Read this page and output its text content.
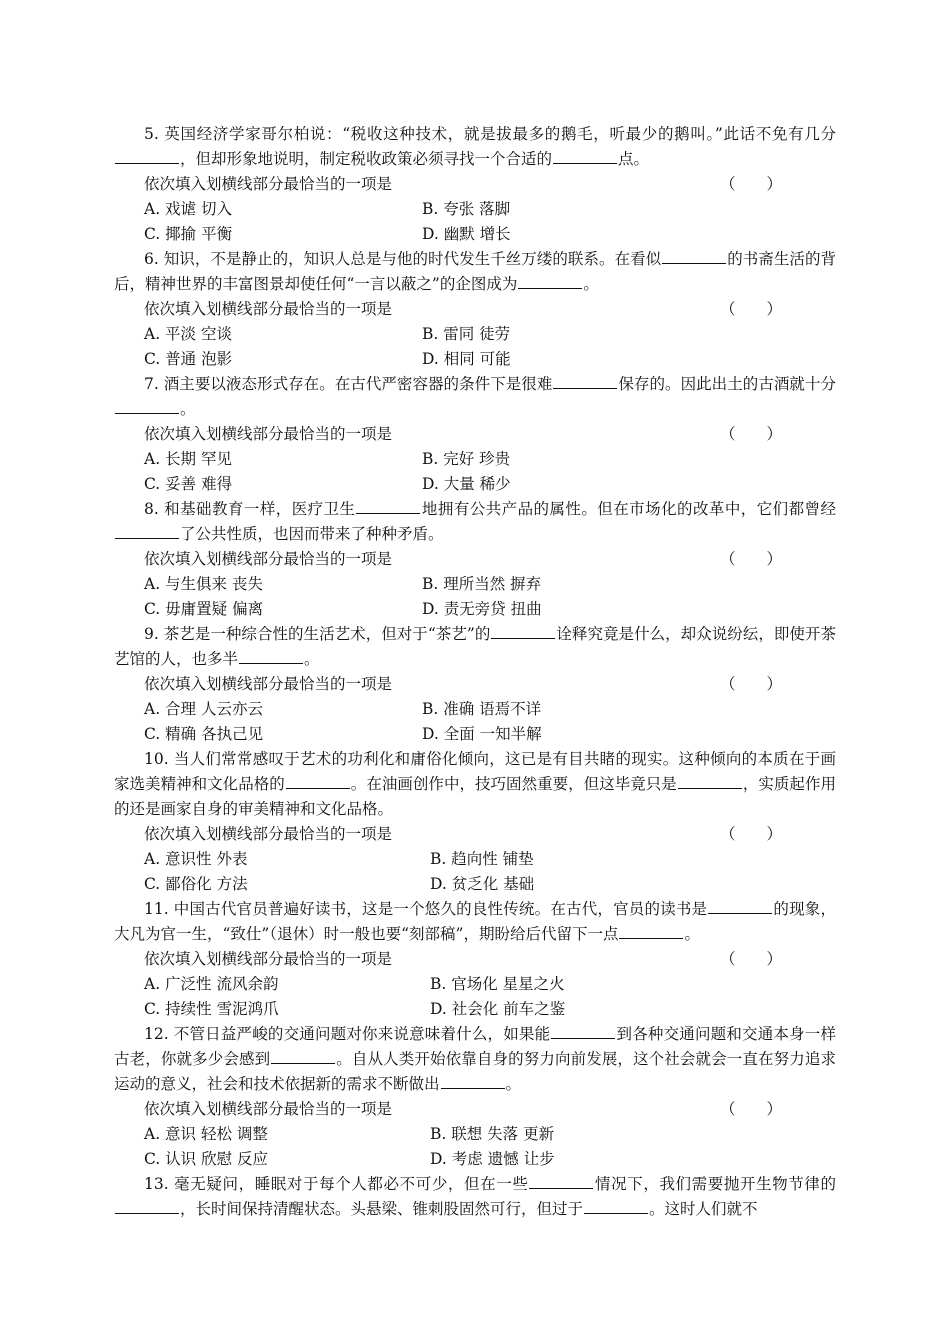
5. 英国经济学家哥尔柏说：“税收这种技术，就是拔最多的鹅毛，听最少的鹅叫。”此话不免有几分，但却形象地说明，制定税收政策必须寻找一个合适的	点。

依次填入划横线部分最恰当的一项是	（　　）
A. 戏谑 切入	B. 夸张 落脚
C. 揶揄 平衡	D. 幽默 增长

6. 知识，不是静止的，知识人总是与他的时代发生千丝万缕的联系。在看似	的书斋生活的背后，精神世界的丰富图景却使任何“一言以蔽之”的企图成为	。

依次填入划横线部分最恰当的一项是	（　　）
A. 平淡 空谈	B. 雷同 徒劳
C. 普通 泡影	D. 相同 可能

7. 酒主要以液态形式存在。在古代严密容器的条件下是很难	保存的。因此出土的古酒就十分。

依次填入划横线部分最恰当的一项是	（　　）
A. 长期 罕见	B. 完好 珍贵
C. 妥善 难得	D. 大量 稀少

8. 和基础教育一样，医疗卫生	地拥有公共产品的属性。但在市场化的改革中，它们都曾经了公共性质，也因而带来了种种矛盾。

依次填入划横线部分最恰当的一项是	（　　）
A. 与生俱来 丧失	B. 理所当然 摒弃
C. 毋庸置疑 偏离	D. 责无旁贷 扭曲

9. 茶艺是一种综合性的生活艺术，但对于“茶艺”的	诠释究竟是什么，却众说纷纭，即使开茶艺馆的人，也多半	。

依次填入划横线部分最恰当的一项是	（　　）
A. 合理 人云亦云	B. 准确 语焉不详
C. 精确 各执己见	D. 全面 一知半解

10. 当人们常常感叹于艺术的功利化和庸俗化倾向，这已是有目共睹的现实。这种倾向的本质在于画家选美精神和文化品格的	。在油画创作中，技巧固然重要，但这毕竟只是	，实质起作用的还是画家自身的审美精神和文化品格。

依次填入划横线部分最恰当的一项是	（　　）
A. 意识性 外表	B. 趋向性 铺垫
C. 鄙俗化 方法	D. 贫乏化 基础

11. 中国古代官员普遍好读书，这是一个悠久的良性传统。在古代，官员的读书是	的现象，大凡为官一生，“致仕”（退休）时一般也要“刻部稿”，期盼给后代留下一点	。

依次填入划横线部分最恰当的一项是	（　　）
A. 广泛性 流风余韵	B. 官场化 星星之火
C. 持续性 雪泥鸿爪	D. 社会化 前车之鉴

12. 不管日益严峻的交通问题对你来说意味着什么，如果能	到各种交通问题和交通本身一样古老，你就多少会感到	。自从人类开始依靠自身的努力向前发展，这个社会就会一直在努力追求运动的意义，社会和技术依据新的需求不断做出	。

依次填入划横线部分最恰当的一项是	（　　）
A. 意识 轻松 调整	B. 联想 失落 更新
C. 认识 欣慰 反应	D. 考虑 遗憾 让步

13. 毫无疑问，睡眠对于每个人都必不可少，但在一些	情况下，我们需要抛开生物节律的，长时间保持清醒状态。头悬梁、锥刺股固然可行，但过于	。这时人们就不
